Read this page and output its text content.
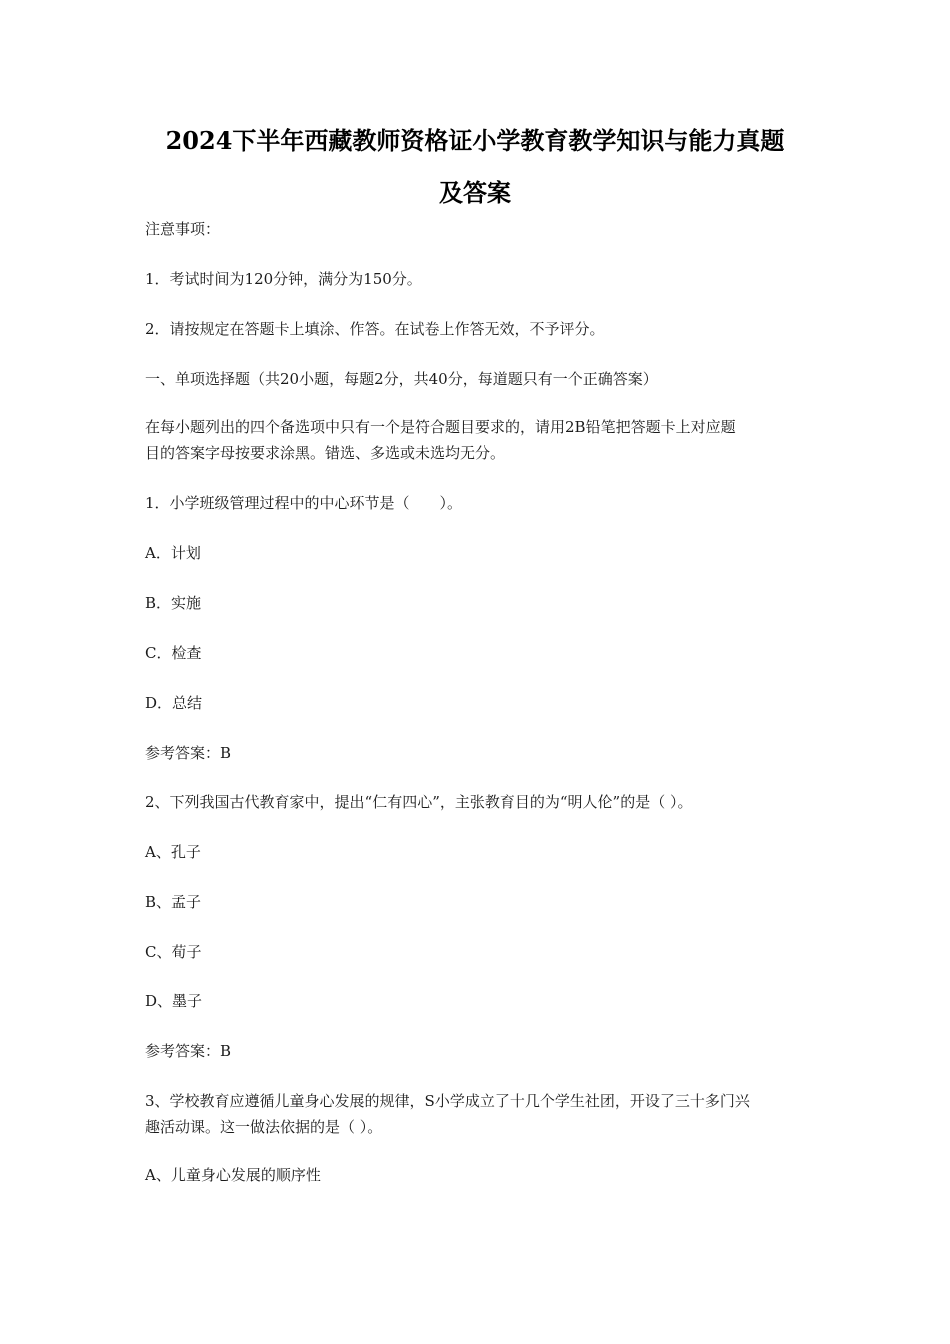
2024下半年西藏教师资格证小学教育教学知识与能力真题
及答案

注意事项：

1．考试时间为120分钟，满分为150分。

2．请按规定在答题卡上填涂、作答。在试卷上作答无效，不予评分。

一、单项选择题（共20小题，每题2分，共40分，每道题只有一个正确答案）

在每小题列出的四个备选项中只有一个是符合题目要求的，请用2B铅笔把答题卡上对应题
目的答案字母按要求涂黑。错选、多选或未选均无分。

1．小学班级管理过程中的中心环节是（　　）。

A．计划

B．实施

C．检查

D．总结

参考答案：B

2、下列我国古代教育家中，提出“仁有四心”，主张教育目的为“明人伦”的是（ ）。

A、孔子

B、孟子

C、荀子

D、墨子

参考答案：B

3、学校教育应遵循儿童身心发展的规律，S小学成立了十几个学生社团，开设了三十多门兴
趣活动课。这一做法依据的是（ ）。

A、儿童身心发展的顺序性
